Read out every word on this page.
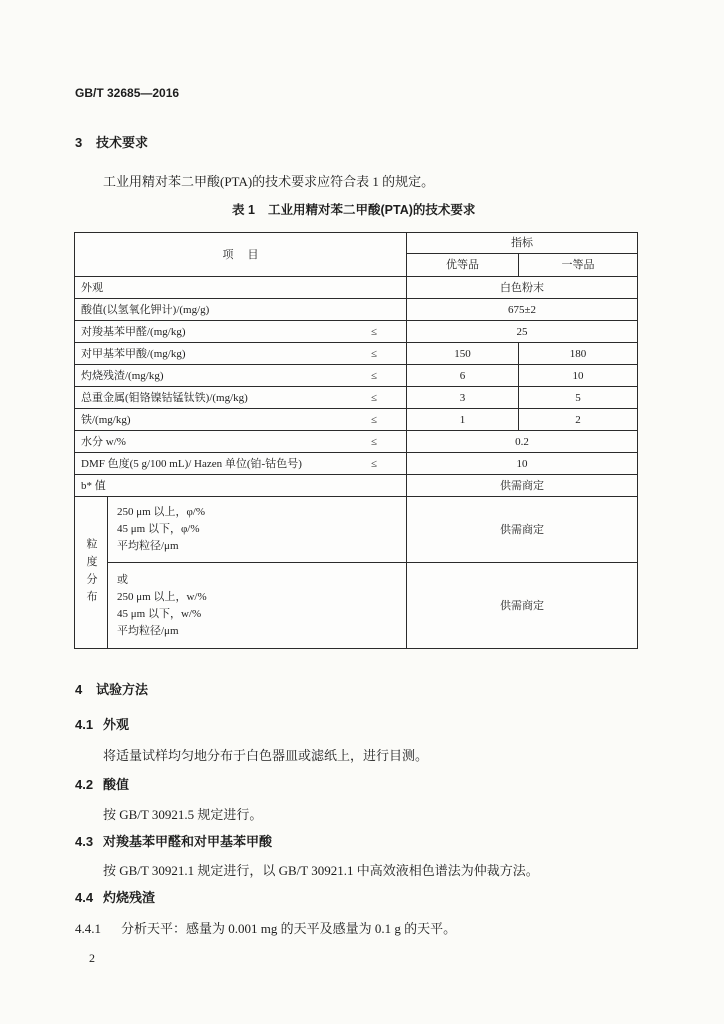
GB/T 32685—2016
3 技术要求
工业用精对苯二甲酸(PTA)的技术要求应符合表 1 的规定。
表 1 工业用精对苯二甲酸(PTA)的技术要求
项目		指标	
		优等品	一等品

外观		白色粉末	

酸值(以氢氧化钾计)/(mg/g)		675±2	

对羧基苯甲醛/(mg/kg) ≤		25	

对甲基苯甲酸/(mg/kg) ≤		150	180

灼烧残渣/(mg/kg) ≤		6	10

总重金属(钼铬镍钴锰钛铁)/(mg/kg) ≤		3	5

铁/(mg/kg) ≤		1	2

水分 w/% ≤		0.2	

DMF 色度(5 g/100 mL)/ Hazen 单位(铂-钴色号) ≤		10	

b* 值		供需商定	

粒度分布	250 μm 以上，φ/%
45 μm 以下，φ/%
平均粒径/μm	供需商定	

	或
250 μm 以上，w/%
45 μm 以下，w/%
平均粒径/μm	供需商定	
4 试验方法
4.1 外观
将适量试样均匀地分布于白色器皿或滤纸上，进行目测。
4.2 酸值
按 GB/T 30921.5 规定进行。
4.3 对羧基苯甲醛和对甲基苯甲酸
按 GB/T 30921.1 规定进行，以 GB/T 30921.1 中高效液相色谱法为仲裁方法。
4.4 灼烧残渣
4.4.1 分析天平：感量为 0.001 mg 的天平及感量为 0.1 g 的天平。
2
